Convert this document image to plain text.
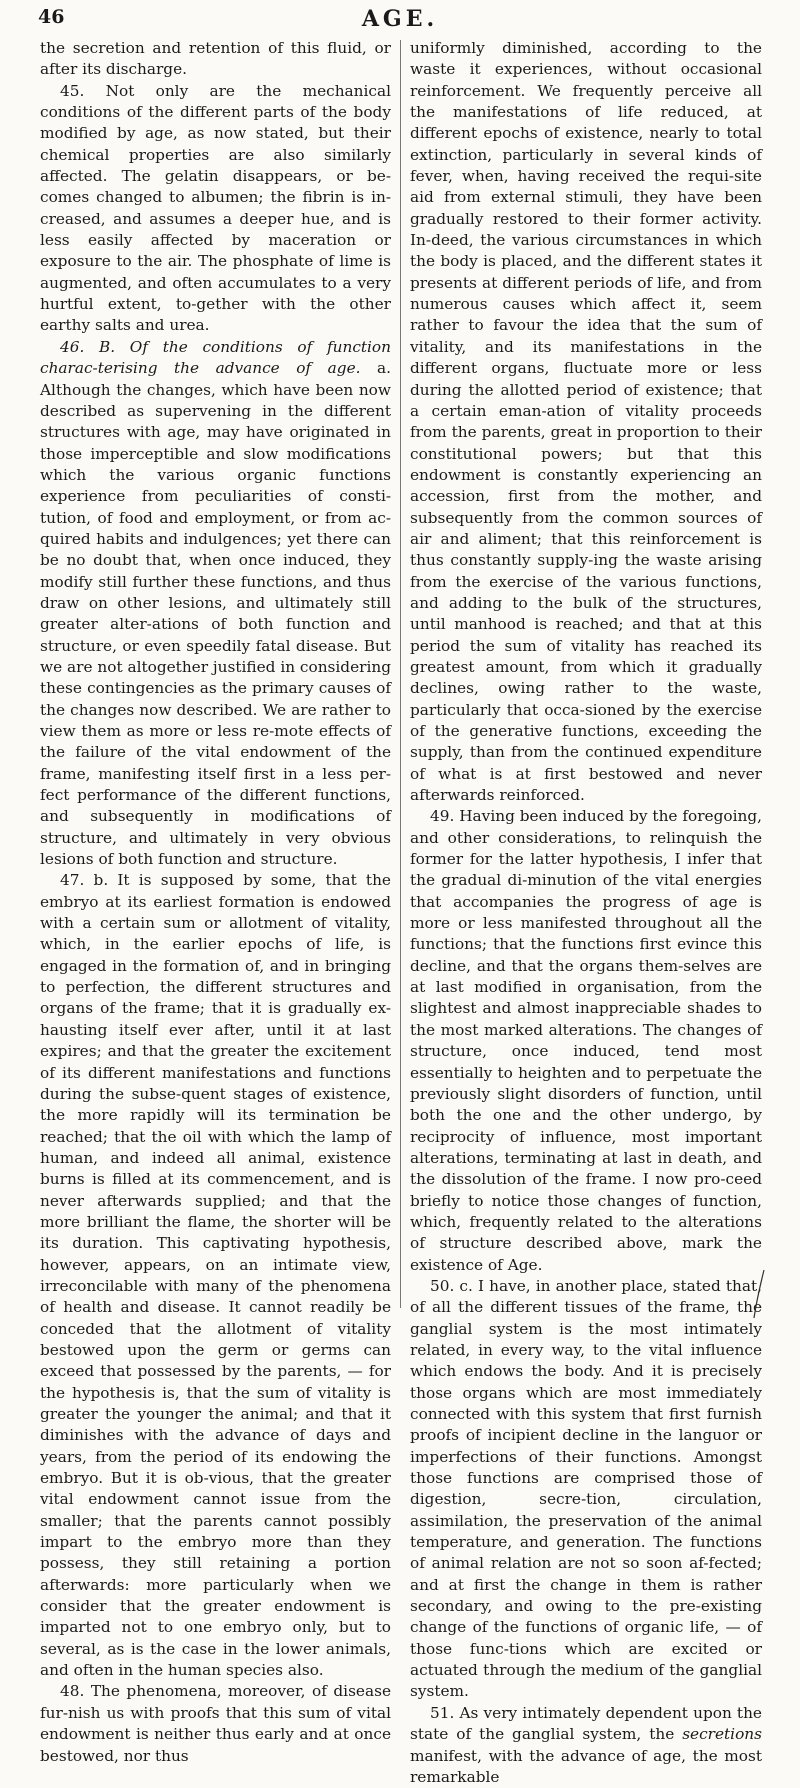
46	AGE.

the secretion and retention of this fluid, or after its discharge.

45. Not only are the mechanical conditions of the different parts of the body modified by age, as now stated, but their chemical properties are also similarly affected. The gelatin disappears, or be-comes changed to albumen; the fibrin is in-creased, and assumes a deeper hue, and is less easily affected by maceration or exposure to the air. The phosphate of lime is augmented, and often accumulates to a very hurtful extent, to-gether with the other earthy salts and urea.

46. B. Of the conditions of function charac-terising the advance of age. a. Although the changes, which have been now described as supervening in the different structures with age, may have originated in those imperceptible and slow modifications which the various organic functions experience from peculiarities of consti-tution, of food and employment, or from ac-quired habits and indulgences; yet there can be no doubt that, when once induced, they modify still further these functions, and thus draw on other lesions, and ultimately still greater alter-ations of both function and structure, or even speedily fatal disease. But we are not altogether justified in considering these contingencies as the primary causes of the changes now described. We are rather to view them as more or less re-mote effects of the failure of the vital endowment of the frame, manifesting itself first in a less per-fect performance of the different functions, and subsequently in modifications of structure, and ultimately in very obvious lesions of both function and structure.

47. b. It is supposed by some, that the embryo at its earliest formation is endowed with a certain sum or allotment of vitality, which, in the earlier epochs of life, is engaged in the formation of, and in bringing to perfection, the different structures and organs of the frame; that it is gradually ex-hausting itself ever after, until it at last expires; and that the greater the excitement of its different manifestations and functions during the subse-quent stages of existence, the more rapidly will its termination be reached; that the oil with which the lamp of human, and indeed all animal, existence burns is filled at its commencement, and is never afterwards supplied; and that the more brilliant the flame, the shorter will be its duration. This captivating hypothesis, however, appears, on an intimate view, irreconcilable with many of the phenomena of health and disease. It cannot readily be conceded that the allotment of vitality bestowed upon the germ or germs can exceed that possessed by the parents, — for the hypothesis is, that the sum of vitality is greater the younger the animal; and that it diminishes with the advance of days and years, from the period of its endowing the embryo. But it is ob-vious, that the greater vital endowment cannot issue from the smaller; that the parents cannot possibly impart to the embryo more than they possess, they still retaining a portion afterwards: more particularly when we consider that the greater endowment is imparted not to one embryo only, but to several, as is the case in the lower animals, and often in the human species also.

48. The phenomena, moreover, of disease fur-nish us with proofs that this sum of vital endowment is neither thus early and at once bestowed, nor thus

uniformly diminished, according to the waste it experiences, without occasional reinforcement. We frequently perceive all the manifestations of life reduced, at different epochs of existence, nearly to total extinction, particularly in several kinds of fever, when, having received the requi-site aid from external stimuli, they have been gradually restored to their former activity. In-deed, the various circumstances in which the body is placed, and the different states it presents at different periods of life, and from numerous causes which affect it, seem rather to favour the idea that the sum of vitality, and its manifestations in the different organs, fluctuate more or less during the allotted period of existence; that a certain eman-ation of vitality proceeds from the parents, great in proportion to their constitutional powers; but that this endowment is constantly experiencing an accession, first from the mother, and subsequently from the common sources of air and aliment; that this reinforcement is thus constantly supply-ing the waste arising from the exercise of the various functions, and adding to the bulk of the structures, until manhood is reached; and that at this period the sum of vitality has reached its greatest amount, from which it gradually declines, owing rather to the waste, particularly that occa-sioned by the exercise of the generative functions, exceeding the supply, than from the continued expenditure of what is at first bestowed and never afterwards reinforced.

49. Having been induced by the foregoing, and other considerations, to relinquish the former for the latter hypothesis, I infer that the gradual di-minution of the vital energies that accompanies the progress of age is more or less manifested throughout all the functions; that the functions first evince this decline, and that the organs them-selves are at last modified in organisation, from the slightest and almost inappreciable shades to the most marked alterations. The changes of structure, once induced, tend most essentially to heighten and to perpetuate the previously slight disorders of function, until both the one and the other undergo, by reciprocity of influence, most important alterations, terminating at last in death, and the dissolution of the frame. I now pro-ceed briefly to notice those changes of function, which, frequently related to the alterations of structure described above, mark the existence of Age.

50. c. I have, in another place, stated that, of all the different tissues of the frame, the ganglial system is the most intimately related, in every way, to the vital influence which endows the body. And it is precisely those organs which are most immediately connected with this system that first furnish proofs of incipient decline in the languor or imperfections of their functions. Amongst those functions are comprised those of digestion, secre-tion, circulation, assimilation, the preservation of the animal temperature, and generation. The functions of animal relation are not so soon af-fected; and at first the change in them is rather secondary, and owing to the pre-existing change of the functions of organic life, — of those func-tions which are excited or actuated through the medium of the ganglial system.

51. As very intimately dependent upon the state of the ganglial system, the secretions manifest, with the advance of age, the most remarkable
